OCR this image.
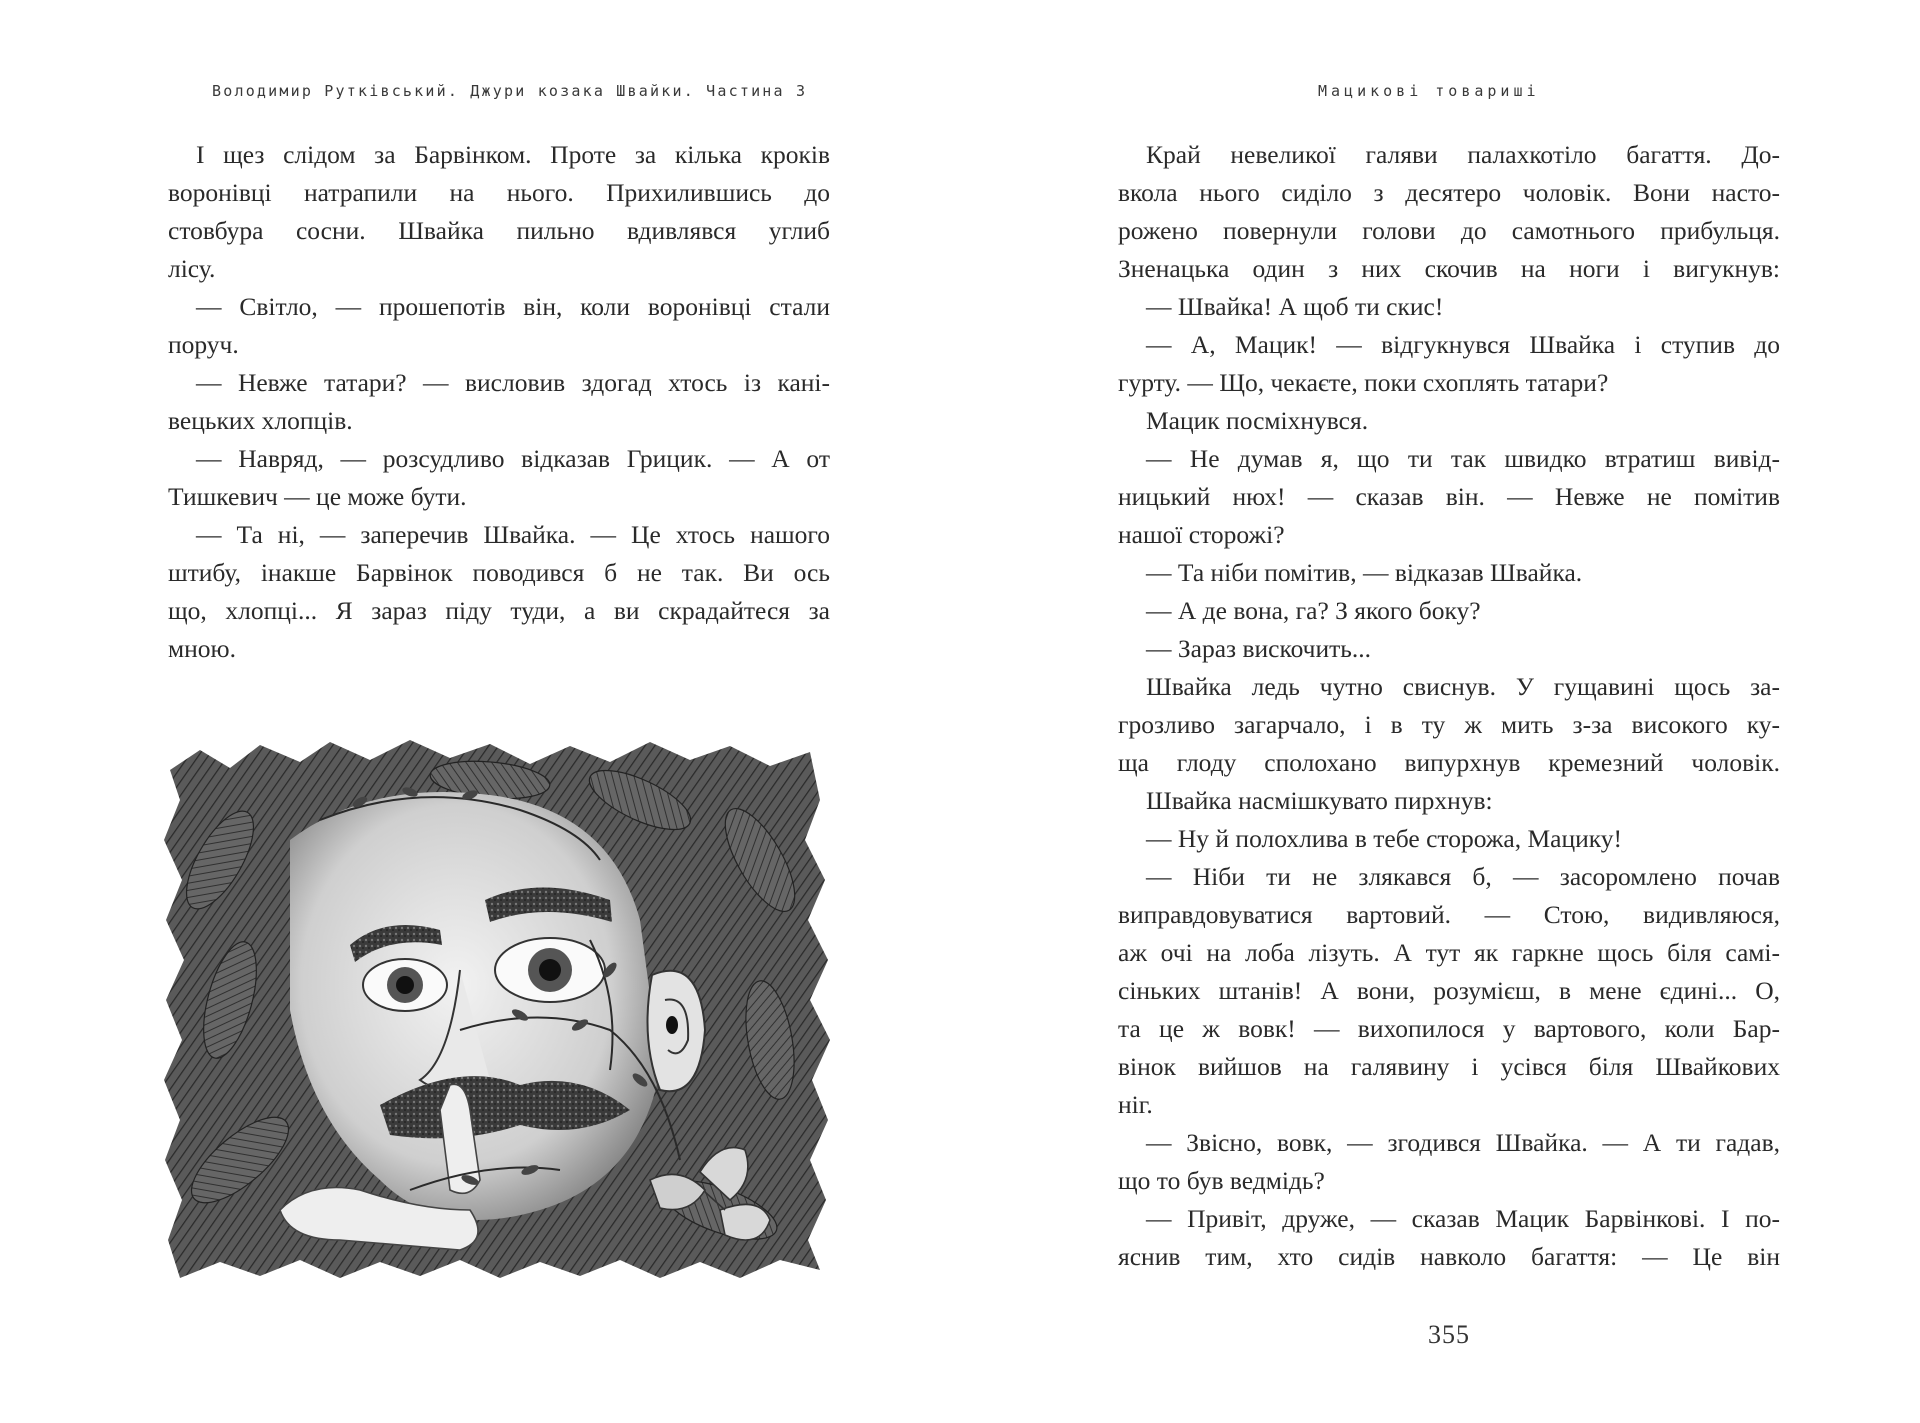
Володимир Рутківський. Джури козака Швайки. Частина 3
І щез слідом за Барвінком. Проте за кілька кроків
воронівці натрапили на нього. Прихилившись до
стовбура сосни. Швайка пильно вдивлявся углиб
лісу.
— Світло, — прошепотів він, коли воронівці стали
поруч.
— Невже татари? — висловив здогад хтось із кані-
вецьких хлопців.
— Навряд, — розсудливо відказав Грицик. — А от
Тишкевич — це може бути.
— Та ні, — заперечив Швайка. — Це хтось нашого
штибу, інакше Барвінок поводився б не так. Ви ось
що, хлопці... Я зараз піду туди, а ви скрадайтеся за
мною.
Мацикові товариші
Край невеликої галяви палахкотіло багаття. До-
вкола нього сиділо з десятеро чоловік. Вони насто-
рожено повернули голови до самотнього прибульця.
Зненацька один з них скочив на ноги і вигукнув:
— Швайка! А щоб ти скис!
— А, Мацик! — відгукнувся Швайка і ступив до
гурту. — Що, чекаєте, поки схоплять татари?
Мацик посміхнувся.
— Не думав я, що ти так швидко втратиш вивід-
ницький нюх! — сказав він. — Невже не помітив
нашої сторожі?
— Та ніби помітив, — відказав Швайка.
— А де вона, га? З якого боку?
— Зараз вискочить...
Швайка ледь чутно свиснув. У гущавині щось за-
грозливо загарчало, і в ту ж мить з-за високого ку-
ща глоду сполохано випурхнув кремезний чоловік.
Швайка насмішкувато пирхнув:
— Ну й полохлива в тебе сторожа, Мацику!
— Ніби ти не злякався б, — засоромлено почав
виправдовуватися вартовий. — Стою, видивляюся,
аж очі на лоба лізуть. А тут як гаркне щось біля самі-
сіньких штанів! А вони, розумієш, в мене єдині... О,
та це ж вовк! — вихопилося у вартового, коли Бар-
вінок вийшов на галявину і усівся біля Швайкових
ніг.
— Звісно, вовк, — згодився Швайка. — А ти гадав,
що то був ведмідь?
— Привіт, друже, — сказав Мацик Барвінкові. І по-
яснив тим, хто сидів навколо багаття: — Це він
355
